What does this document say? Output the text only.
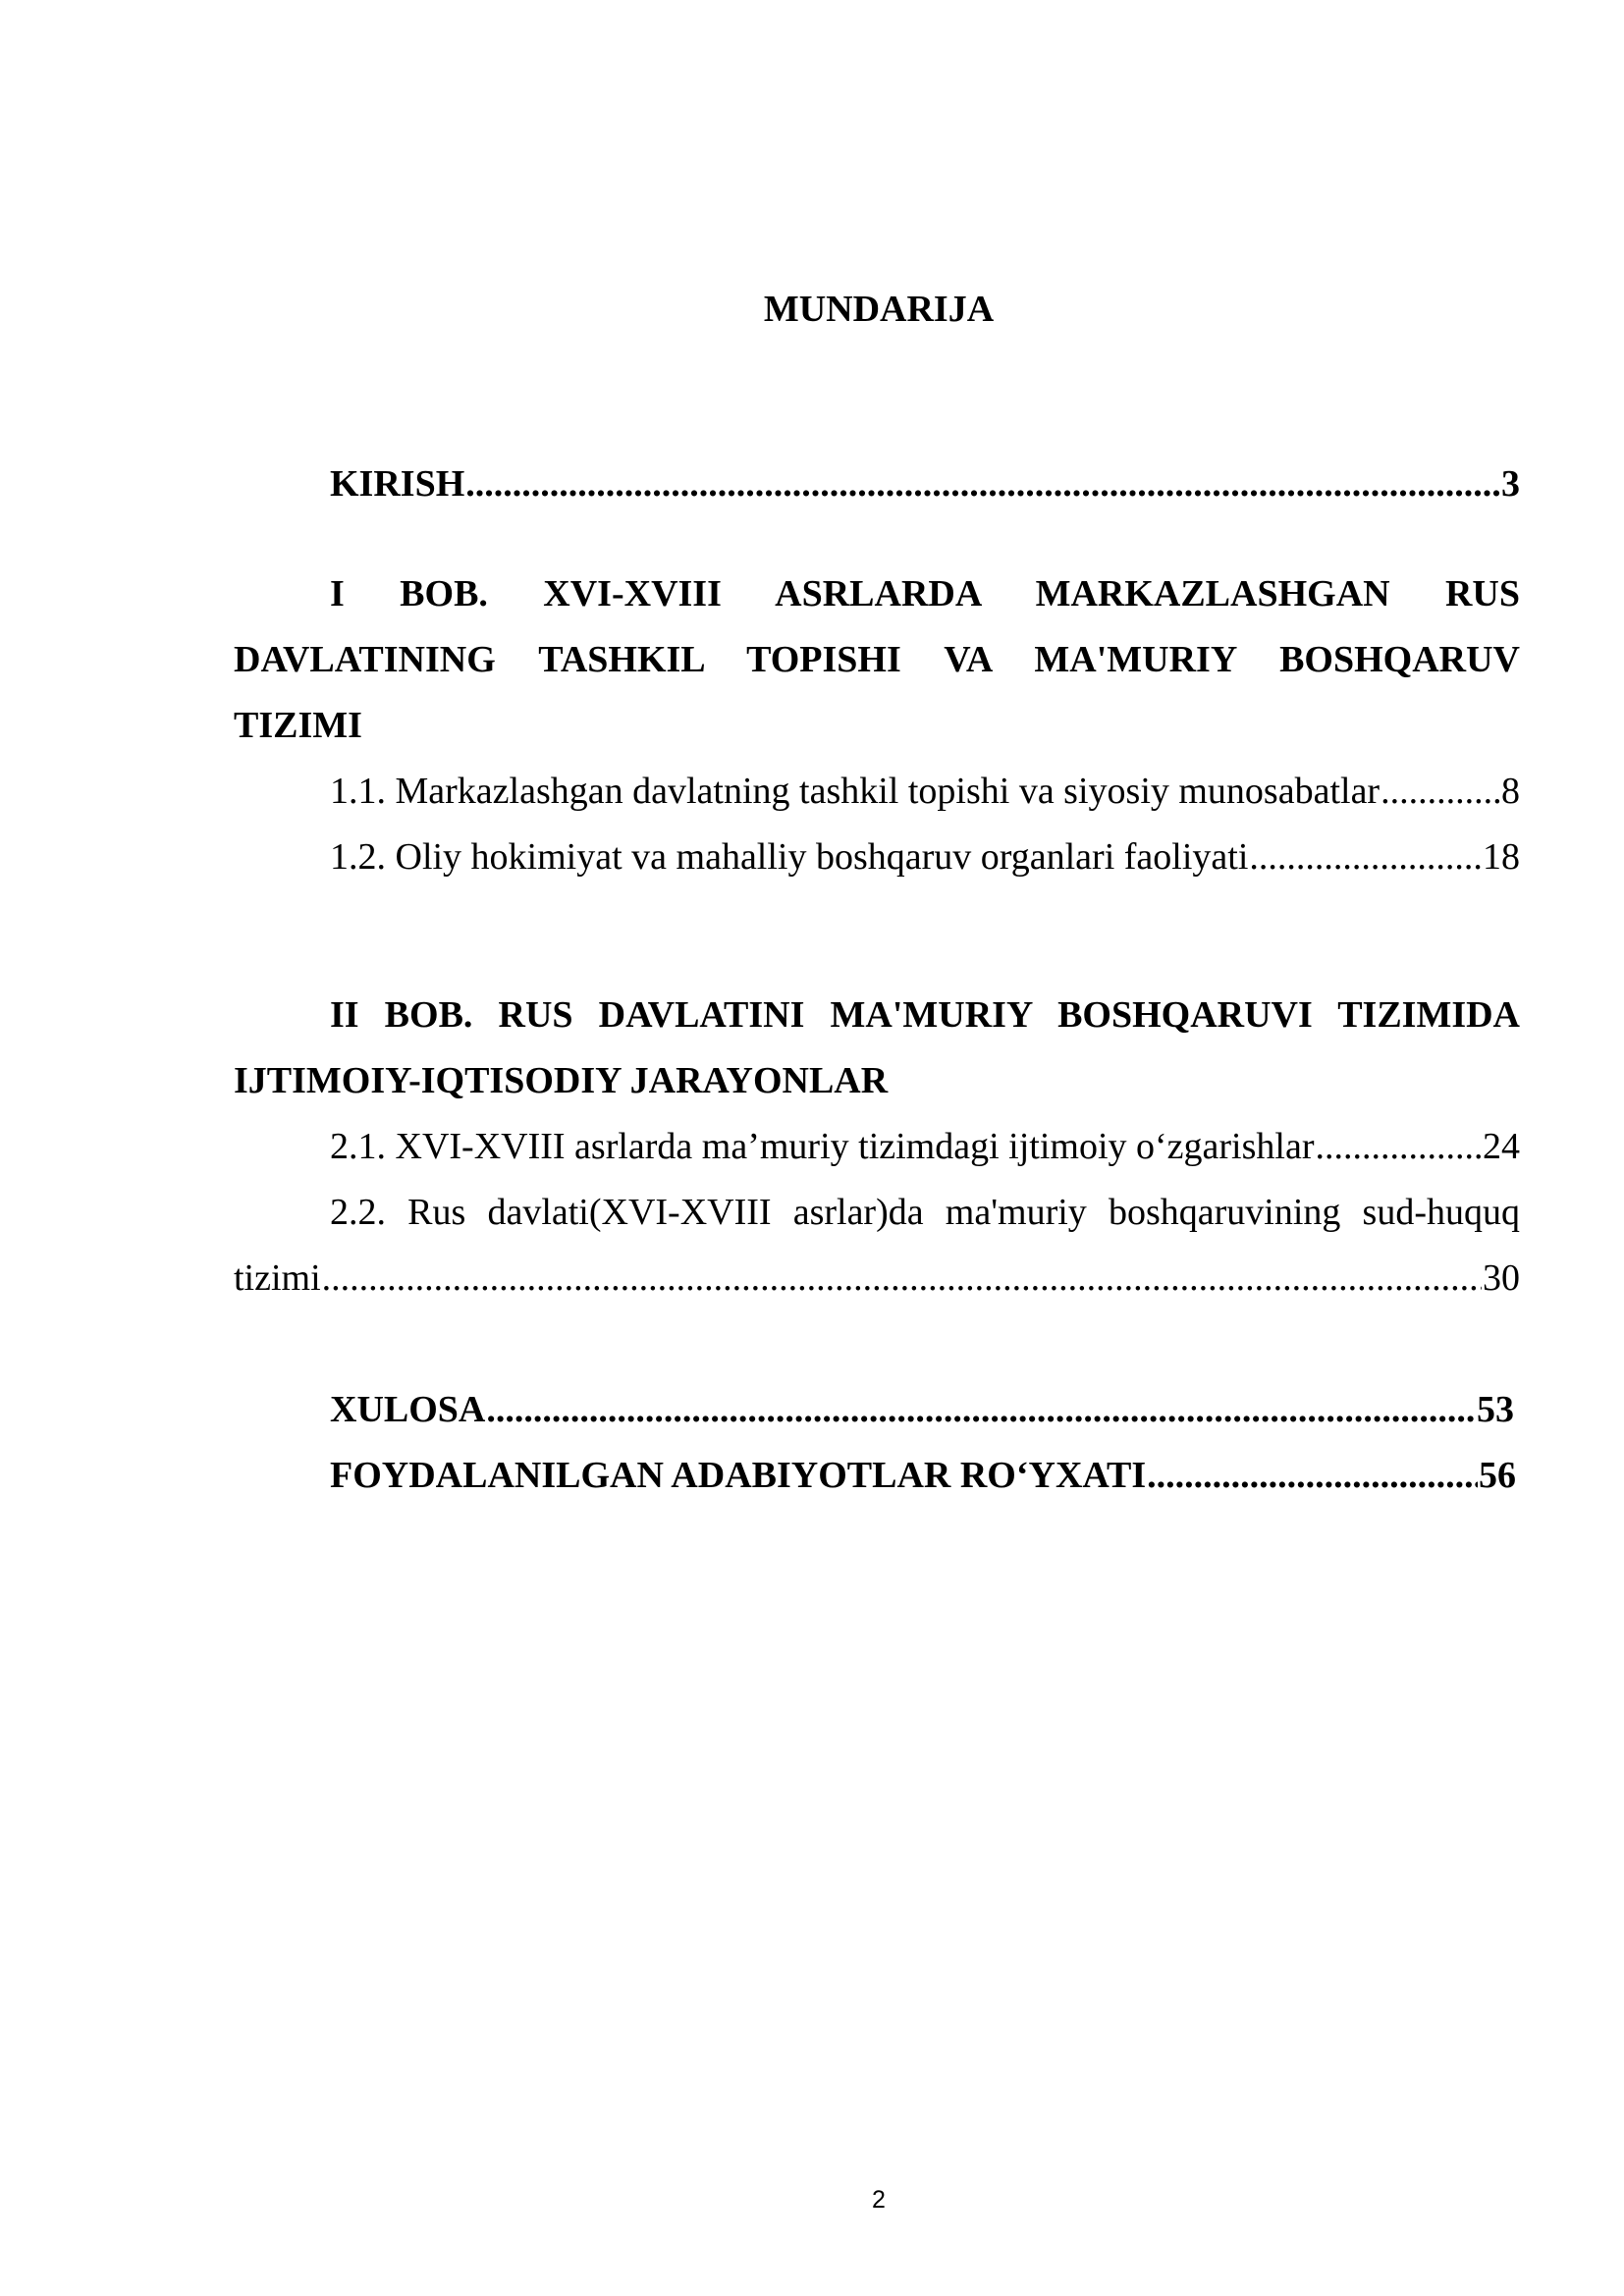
MUNDARIJA
KIRISH	3
.....
I BOB. XVI-XVIII ASRLARDA MARKAZLASHGAN RUS
DAVLATINING TASHKIL TOPISHI VA MA'MURIY BOSHQARUV
TIZIMI
1.1. Markazlashgan davlatning tashkil topishi va siyosiy munosabatlar	8
.....
1.2. Oliy hokimiyat va mahalliy boshqaruv organlari faoliyati	18
.....
II BOB. RUS DAVLATINI MA'MURIY BOSHQARUVI TIZIMIDA
IJTIMOIY-IQTISODIY JARAYONLAR
2.1. XVI-XVIII asrlarda ma’muriy tizimdagi ijtimoiy o‘zgarishlar	24
.....
2.2. Rus davlati(XVI-XVIII asrlar)da ma'muriy boshqaruvining sud-huquq
tizimi	30
.....
XULOSA	53
.....
FOYDALANILGAN ADABIYOTLAR RO‘YXATI	56
.....
2
